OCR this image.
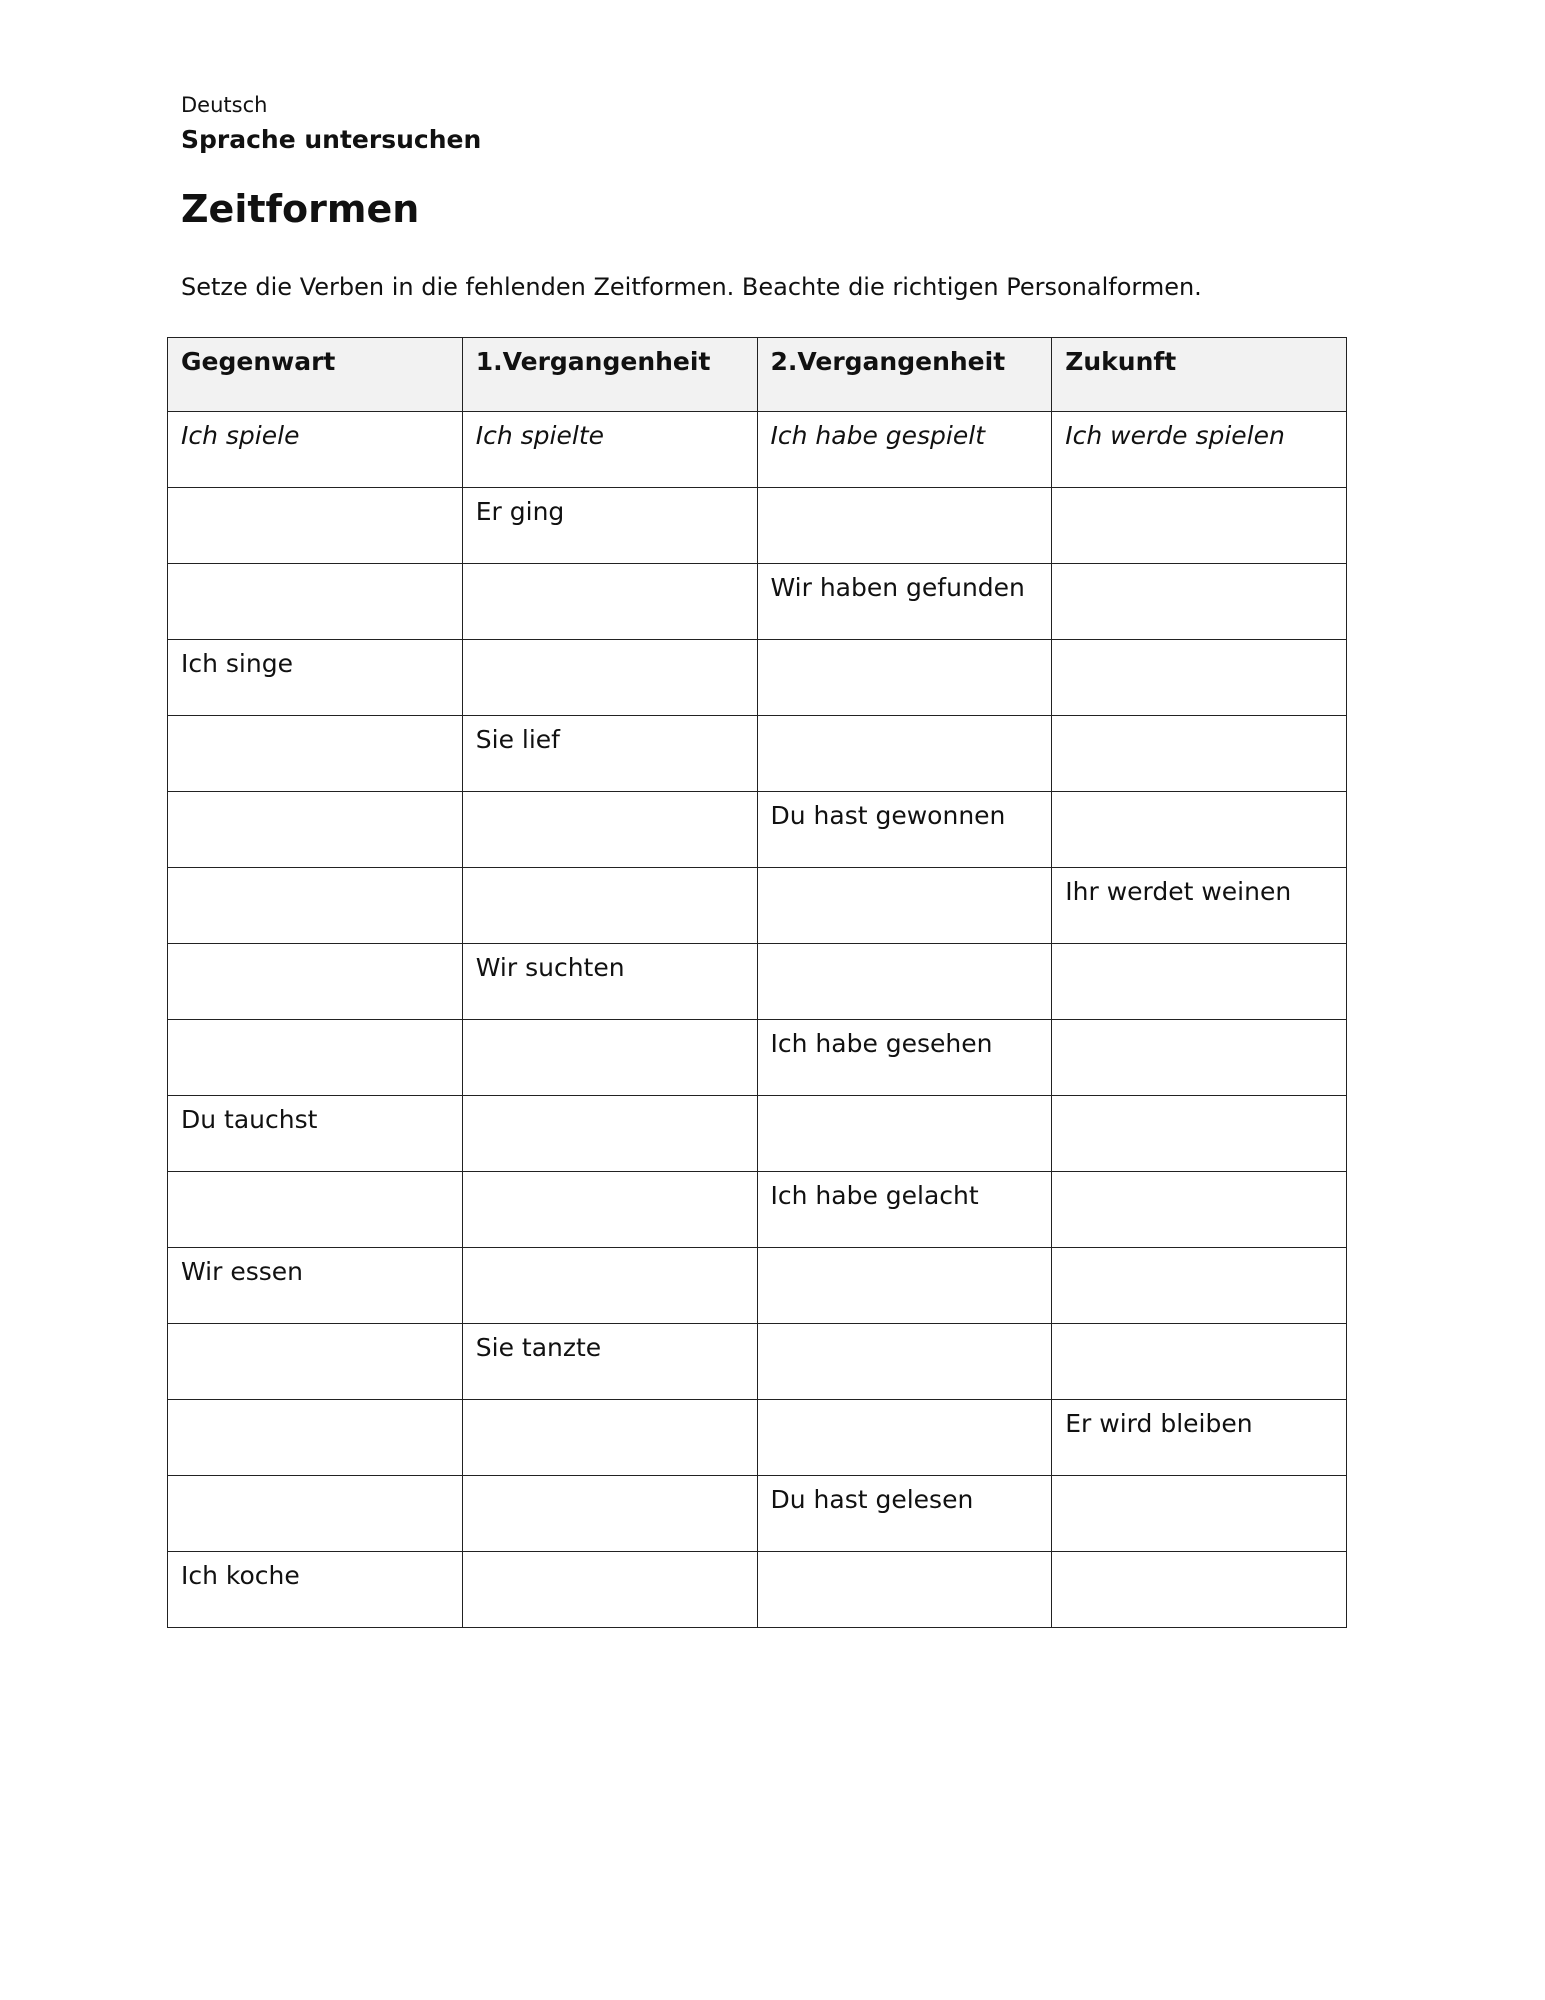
Deutsch
Sprache untersuchen
Zeitformen
Setze die Verben in die fehlenden Zeitformen. Beachte die richtigen Personalformen.
Gegenwart	1.Vergangenheit	2.Vergangenheit	Zukunft
Ich spiele	Ich spielte	Ich habe gespielt	Ich werde spielen
	Er ging		
		Wir haben gefunden	
Ich singe			
	Sie lief		
		Du hast gewonnen	
			Ihr werdet weinen
	Wir suchten		
		Ich habe gesehen	
Du tauchst			
		Ich habe gelacht	
Wir essen			
	Sie tanzte		
			Er wird bleiben
		Du hast gelesen	
Ich koche			
